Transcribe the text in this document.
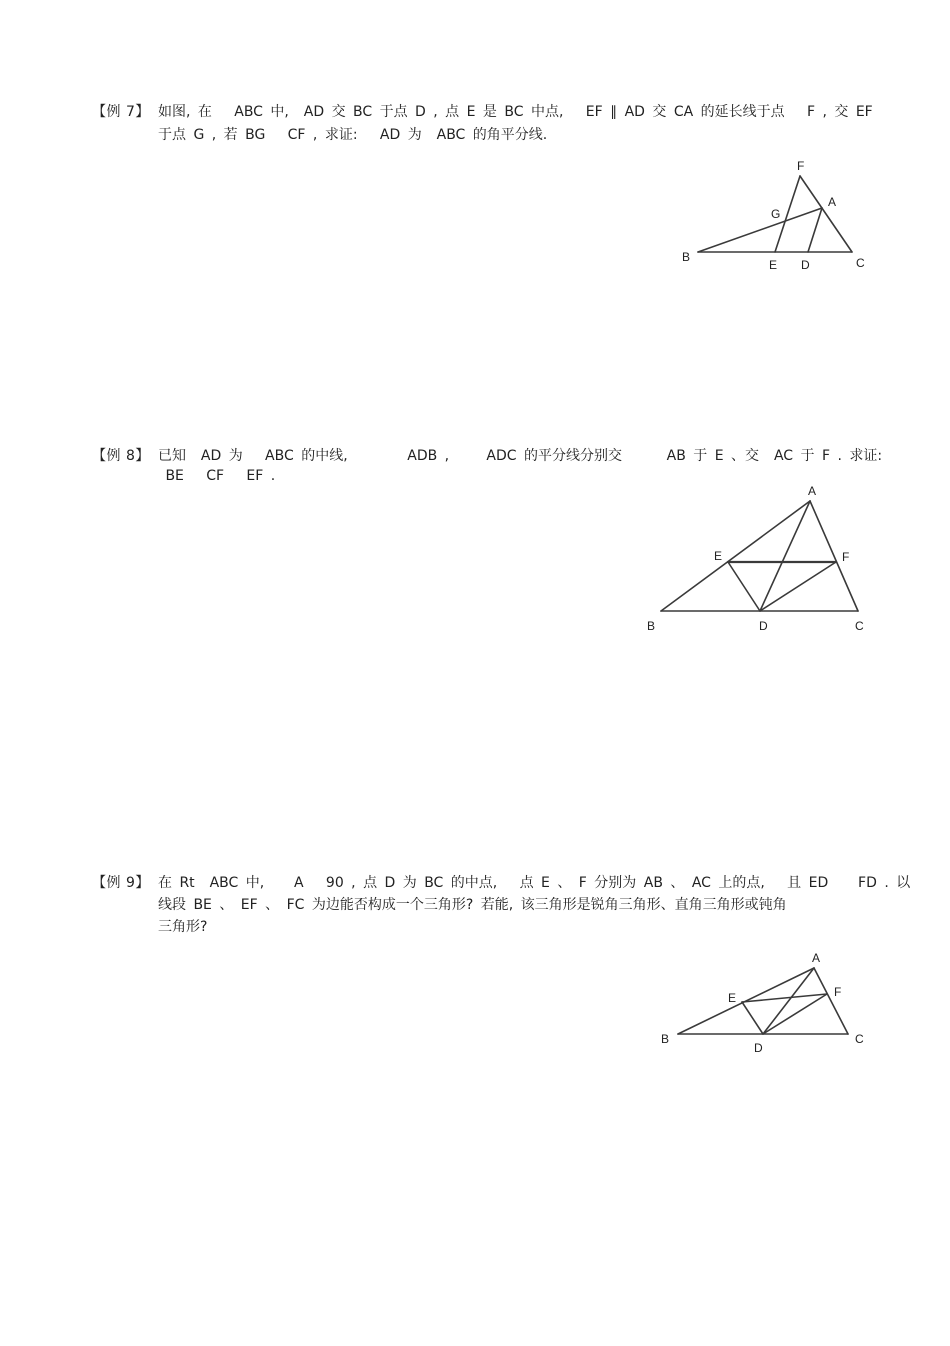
【例 7】 如图, 在   ABC 中,  AD 交 BC 于点 D , 点 E 是 BC 中点,   EF ∥ AD 交 CA 的延长线于点   F , 交 EF
于点 G , 若 BG   CF , 求证:   AD 为  ABC 的角平分线.
F
A
G
B
E D	C
【例 8】 已知  AD 为   ABC 的中线,        ADB ,     ADC 的平分线分别交      AB 于 E 、交  AC 于 F . 求证:
BE   CF   EF .
A
E	F
B	D	C
【例 9】 在 Rt  ABC 中,    A   90 , 点 D 为 BC 的中点,   点 E 、 F 分别为 AB 、 AC 上的点,   且 ED    FD . 以
线段 BE 、 EF 、 FC 为边能否构成一个三角形? 若能, 该三角形是锐角三角形、直角三角形或钝角
三角形?
A
E	F
B
D
C
